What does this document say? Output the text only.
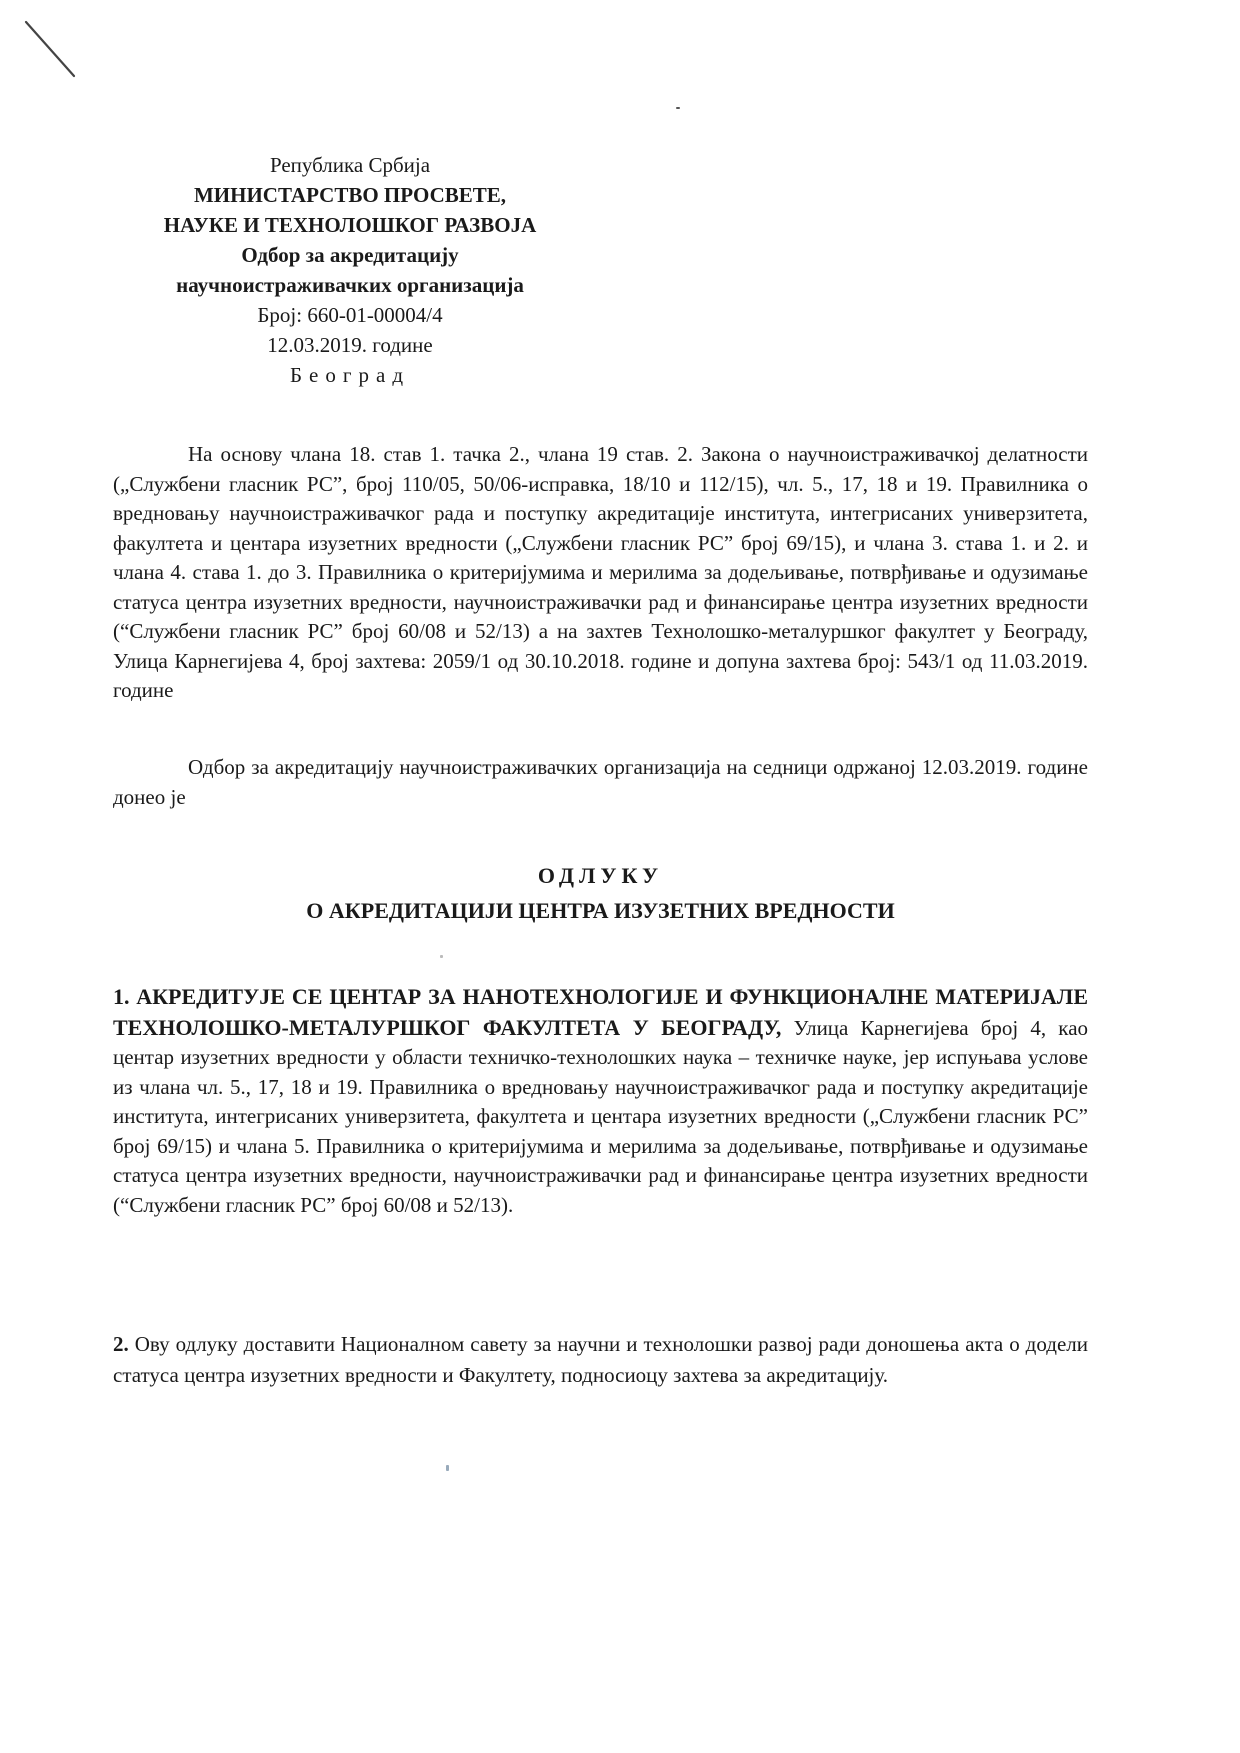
Република Србија
МИНИСТАРСТВО ПРОСВЕТЕ,
НАУКЕ И ТЕХНОЛОШКОГ РАЗВОЈА
Одбор за акредитацију
научноистраживачких организација
Број: 660-01-00004/4
12.03.2019. године
Београд
На основу члана 18. став 1. тачка 2., члана 19 став. 2. Закона о научноистраживачкој делатности („Службени гласник РС”, број 110/05, 50/06-исправка, 18/10 и 112/15), чл. 5., 17, 18 и 19. Правилника о вредновању научноистраживачког рада и поступку акредитације института, интегрисаних универзитета, факултета и центара изузетних вредности („Службени гласник РС” број 69/15), и члана 3. става 1. и 2. и члана 4. става 1. до 3. Правилника о критеријумима и мерилима за додељивање, потврђивање и одузимање статуса центра изузетних вредности, научноистраживачки рад и финансирање центра изузетних вредности (“Службени гласник РС” број 60/08 и 52/13) а на захтев Технолошко-металуршког факултет у Београду, Улица Карнегијева 4, број захтева: 2059/1 од 30.10.2018. године и допуна захтева број: 543/1 од 11.03.2019. године
Одбор за акредитацију научноистраживачких организација на седници одржаној 12.03.2019. године донео је
ОДЛУКУ
О АКРЕДИТАЦИЈИ ЦЕНТРА ИЗУЗЕТНИХ ВРЕДНОСТИ
1. АКРЕДИТУЈЕ СЕ ЦЕНТАР ЗА НАНОТЕХНОЛОГИЈЕ И ФУНКЦИОНАЛНЕ МАТЕРИЈАЛЕ ТЕХНОЛОШКО-МЕТАЛУРШКОГ ФАКУЛТЕТА У БЕОГРАДУ, Улица Карнегијева број 4, као центар изузетних вредности у области техничко-технолошких наука – техничке науке, јер испуњава услове из члана чл. 5., 17, 18 и 19. Правилника о вредновању научноистраживачког рада и поступку акредитације института, интегрисаних универзитета, факултета и центара изузетних вредности („Службени гласник РС” број 69/15) и члана 5. Правилника о критеријумима и мерилима за додељивање, потврђивање и одузимање статуса центра изузетних вредности, научноистраживачки рад и финансирање центра изузетних вредности (“Службени гласник РС” број 60/08 и 52/13).
2. Ову одлуку доставити Националном савету за научни и технолошки развој ради доношења акта о додели статуса центра изузетних вредности и Факултету, подносиоцу захтева за акредитацију.
